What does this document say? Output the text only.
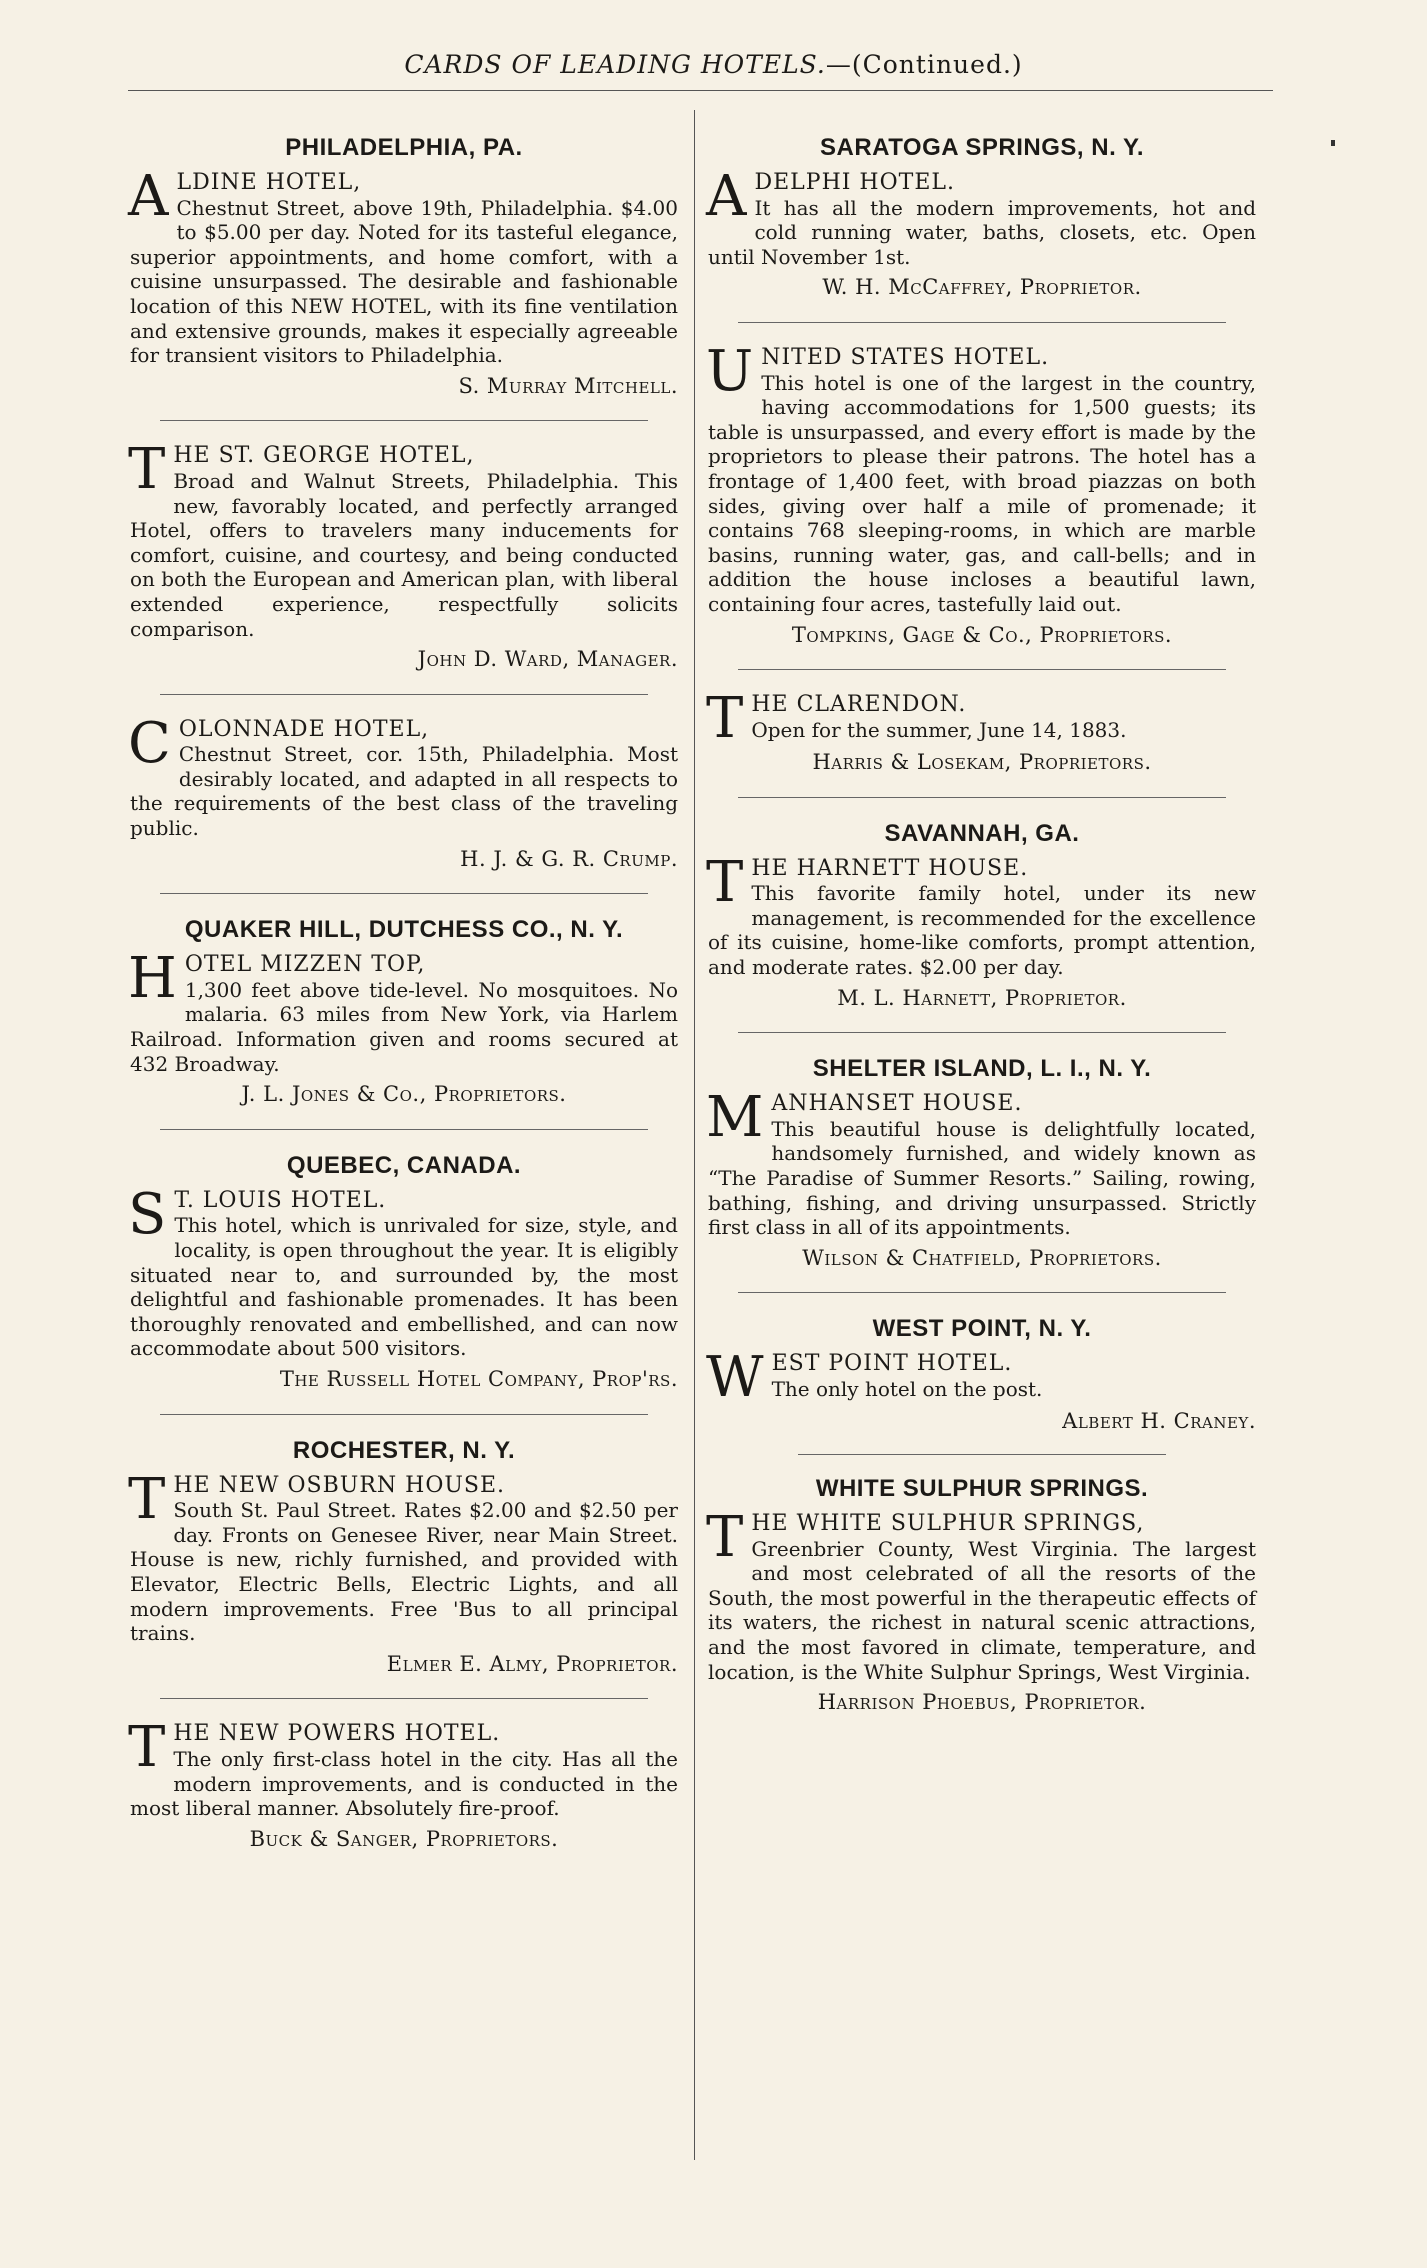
CARDS OF LEADING HOTELS.—(Continued.)
PHILADELPHIA, PA.
ALDINE HOTEL,
Chestnut Street, above 19th, Philadelphia. $4.00 to $5.00 per day. Noted for its tasteful elegance, superior appointments, and home comfort, with a cuisine unsurpassed. The desirable and fashionable location of this NEW HOTEL, with its fine ventilation and extensive grounds, makes it especially agreeable for transient visitors to Philadelphia.
S. Murray Mitchell.
THE ST. GEORGE HOTEL,
Broad and Walnut Streets, Philadelphia. This new, favorably located, and perfectly arranged Hotel, offers to travelers many inducements for comfort, cuisine, and courtesy, and being conducted on both the European and American plan, with liberal extended experience, respectfully solicits comparison.
John D. Ward, Manager.
COLONNADE HOTEL,
Chestnut Street, cor. 15th, Philadelphia. Most desirably located, and adapted in all respects to the requirements of the best class of the traveling public.
H. J. & G. R. Crump.
QUAKER HILL, DUTCHESS CO., N. Y.
HOTEL MIZZEN TOP,
1,300 feet above tide-level. No mosquitoes. No malaria. 63 miles from New York, via Harlem Railroad. Information given and rooms secured at 432 Broadway.
J. L. Jones & Co., Proprietors.
QUEBEC, CANADA.
S T. LOUIS HOTEL.
This hotel, which is unrivaled for size, style, and locality, is open throughout the year. It is eligibly situated near to, and surrounded by, the most delightful and fashionable promenades. It has been thoroughly renovated and embellished, and can now accommodate about 500 visitors.
The Russell Hotel Company, Prop'rs.
ROCHESTER, N. Y.
THE NEW OSBURN HOUSE.
South St. Paul Street. Rates $2.00 and $2.50 per day. Fronts on Genesee River, near Main Street. House is new, richly furnished, and provided with Elevator, Electric Bells, Electric Lights, and all modern improvements. Free 'Bus to all principal trains.
Elmer E. Almy, Proprietor.
THE NEW POWERS HOTEL.
The only first-class hotel in the city. Has all the modern improvements, and is conducted in the most liberal manner. Absolutely fire-proof.
Buck & Sanger, Proprietors.
SARATOGA SPRINGS, N. Y.
ADELPHI HOTEL.
It has all the modern improvements, hot and cold running water, baths, closets, etc. Open until November 1st.
W. H. McCaffrey, Proprietor.
UNITED STATES HOTEL.
This hotel is one of the largest in the country, having accommodations for 1,500 guests; its table is unsurpassed, and every effort is made by the proprietors to please their patrons. The hotel has a frontage of 1,400 feet, with broad piazzas on both sides, giving over half a mile of promenade; it contains 768 sleeping-rooms, in which are marble basins, running water, gas, and call-bells; and in addition the house incloses a beautiful lawn, containing four acres, tastefully laid out.
Tompkins, Gage & Co., Proprietors.
THE CLARENDON.
Open for the summer, June 14, 1883.
Harris & Losekam, Proprietors.
SAVANNAH, GA.
THE HARNETT HOUSE.
This favorite family hotel, under its new management, is recommended for the excellence of its cuisine, home-like comforts, prompt attention, and moderate rates. $2.00 per day.
M. L. Harnett, Proprietor.
SHELTER ISLAND, L. I., N. Y.
MANHANSET HOUSE.
This beautiful house is delightfully located, handsomely furnished, and widely known as “The Paradise of Summer Resorts.” Sailing, rowing, bathing, fishing, and driving unsurpassed. Strictly first class in all of its appointments.
Wilson & Chatfield, Proprietors.
WEST POINT, N. Y.
WEST POINT HOTEL.
The only hotel on the post.
Albert H. Craney.
WHITE SULPHUR SPRINGS.
THE WHITE SULPHUR SPRINGS,
Greenbrier County, West Virginia. The largest and most celebrated of all the resorts of the South, the most powerful in the therapeutic effects of its waters, the richest in natural scenic attractions, and the most favored in climate, temperature, and location, is the White Sulphur Springs, West Virginia.
Harrison Phoebus, Proprietor.
